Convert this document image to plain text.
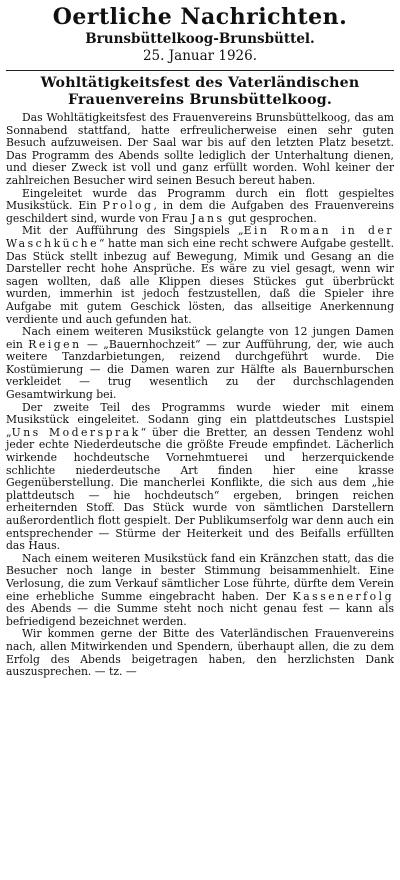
Oertliche Nachrichten.
Brunsbüttelkoog-Brunsbüttel.
25. Januar 1926.
Wohltätigkeitsfest des Vaterländischen
Frauenvereins Brunsbüttelkoog.

Das Wohltätigkeitsfest des Frauenvereins Brunsbüttelkoog, das am Sonnabend stattfand, hatte erfreulicherweise einen sehr guten Besuch aufzuweisen. Der Saal war bis auf den letzten Platz besetzt. Das Programm des Abends sollte lediglich der Unterhaltung dienen, und dieser Zweck ist voll und ganz erfüllt worden. Wohl keiner der zahlreichen Besucher wird seinen Besuch bereut haben.

Eingeleitet wurde das Programm durch ein flott gespieltes Musikstück. Ein Prolog, in dem die Aufgaben des Frauenvereins geschildert sind, wurde von Frau Jans gut gesprochen.

Mit der Aufführung des Singspiels „Ein Roman in der Waschküche“ hatte man sich eine recht schwere Aufgabe gestellt. Das Stück stellt inbezug auf Bewegung, Mimik und Gesang an die Darsteller recht hohe Ansprüche. Es wäre zu viel gesagt, wenn wir sagen wollten, daß alle Klippen dieses Stückes gut überbrückt wurden, immerhin ist jedoch festzustellen, daß die Spieler ihre Aufgabe mit gutem Geschick lösten, das allseitige Anerkennung verdiente und auch gefunden hat.

Nach einem weiteren Musikstück gelangte von 12 jungen Damen ein Reigen — „Bauernhochzeit“ — zur Aufführung, der, wie auch weitere Tanzdarbietungen, reizend durchgeführt wurde. Die Kostümierung — die Damen waren zur Hälfte als Bauernburschen verkleidet — trug wesentlich zu der durchschlagenden Gesamtwirkung bei.

Der zweite Teil des Programms wurde wieder mit einem Musikstück eingeleitet. Sodann ging ein plattdeutsches Lustspiel „Uns Modersprak“ über die Bretter, an dessen Tendenz wohl jeder echte Niederdeutsche die größte Freude empfindet. Lächerlich wirkende hochdeutsche Vornehmtuerei und herzerquickende schlichte niederdeutsche Art finden hier eine krasse Gegenüberstellung. Die mancherlei Konflikte, die sich aus dem „hie plattdeutsch — hie hochdeutsch“ ergeben, bringen reichen erheiternden Stoff. Das Stück wurde von sämtlichen Darstellern außerordentlich flott gespielt. Der Publikumserfolg war denn auch ein entsprechender — Stürme der Heiterkeit und des Beifalls erfüllten das Haus.

Nach einem weiteren Musikstück fand ein Kränzchen statt, das die Besucher noch lange in bester Stimmung beisammenhielt. Eine Verlosung, die zum Verkauf sämtlicher Lose führte, dürfte dem Verein eine erhebliche Summe eingebracht haben. Der Kassenerfolg des Abends — die Summe steht noch nicht genau fest — kann als befriedigend bezeichnet werden.

Wir kommen gerne der Bitte des Vaterländischen Frauenvereins nach, allen Mitwirkenden und Spendern, überhaupt allen, die zu dem Erfolg des Abends beigetragen haben, den herzlichsten Dank auszusprechen. — tz. —
